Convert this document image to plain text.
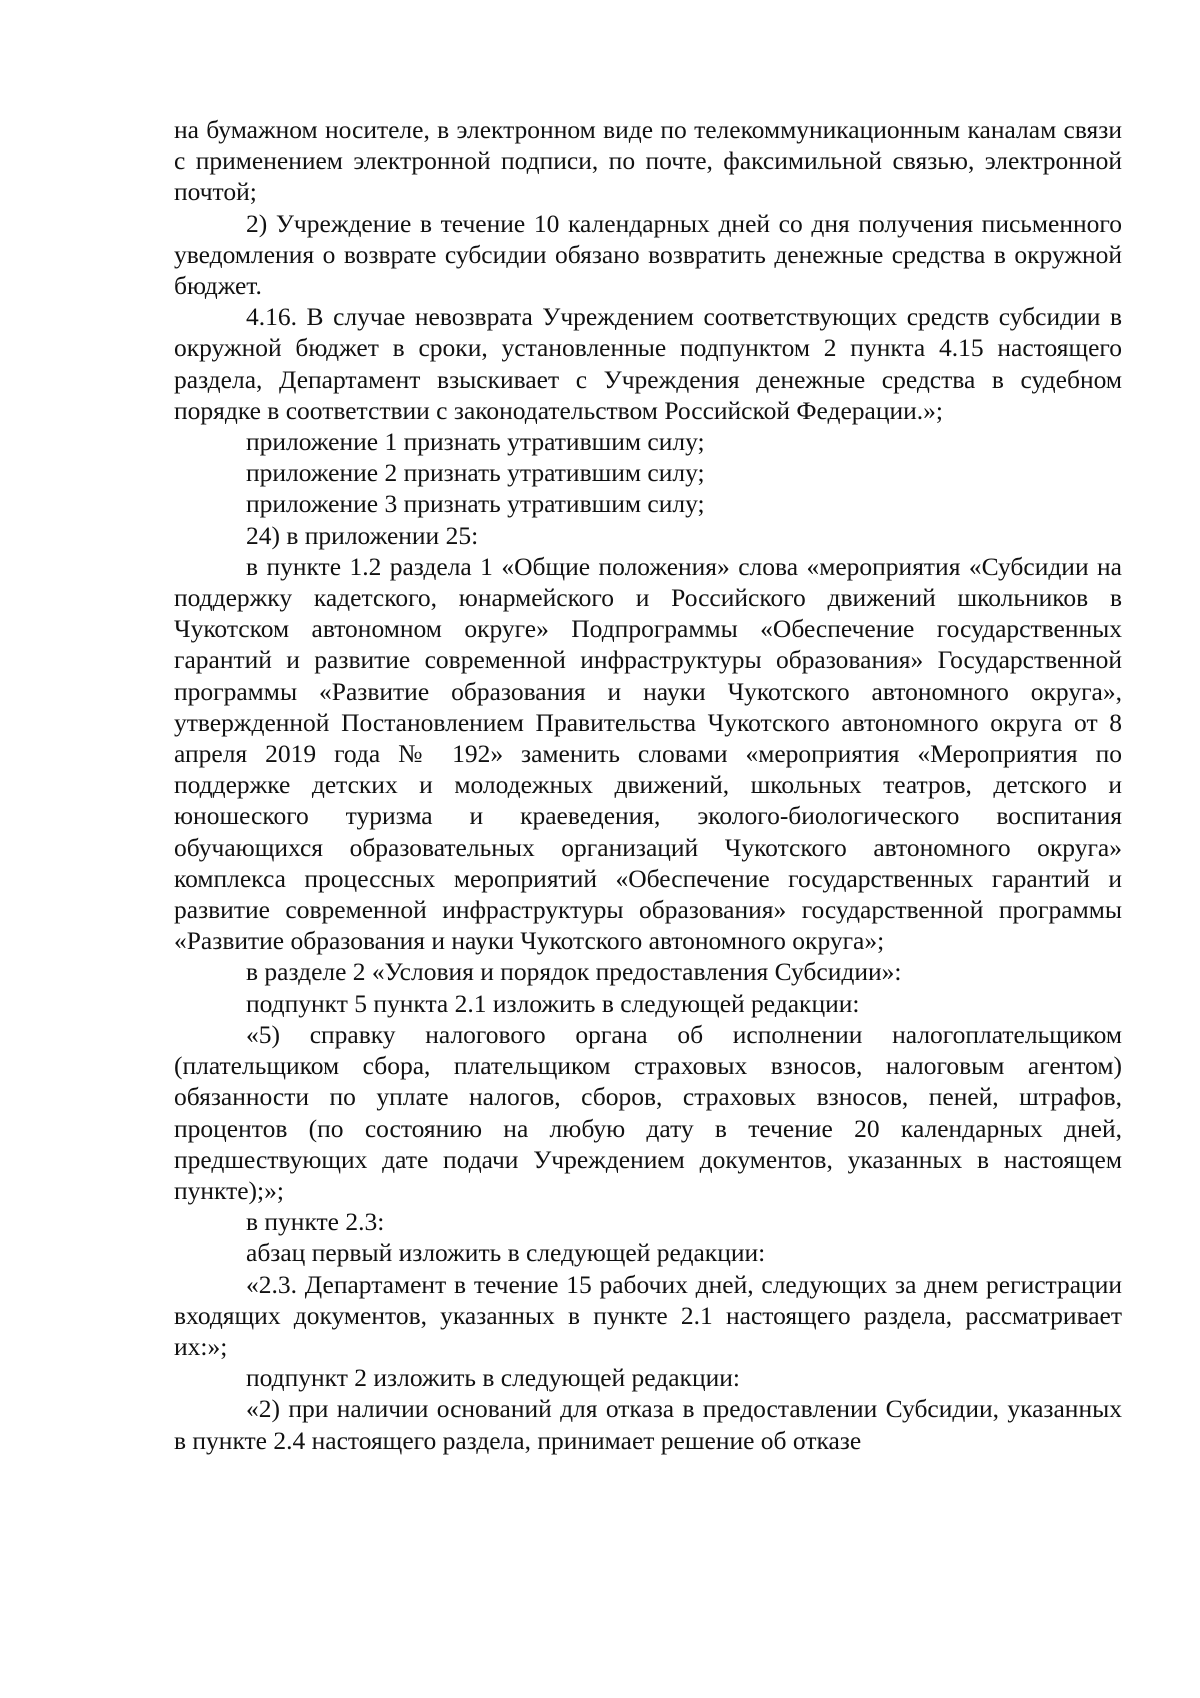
на бумажном носителе, в электронном виде по телекоммуникационным каналам связи с применением электронной подписи, по почте, факсимильной связью, электронной почтой;

2) Учреждение в течение 10 календарных дней со дня получения письменного уведомления о возврате субсидии обязано возвратить денежные средства в окружной бюджет.

4.16. В случае невозврата Учреждением соответствующих средств субсидии в окружной бюджет в сроки, установленные подпунктом 2 пункта 4.15 настоящего раздела, Департамент взыскивает с Учреждения денежные средства в судебном порядке в соответствии с законодательством Российской Федерации.»;

приложение 1 признать утратившим силу;

приложение 2 признать утратившим силу;

приложение 3 признать утратившим силу;

24) в приложении 25:

в пункте 1.2 раздела 1 «Общие положения» слова «мероприятия «Субсидии на поддержку кадетского, юнармейского и Российского движений школьников в Чукотском автономном округе» Подпрограммы «Обеспечение государственных гарантий и развитие современной инфраструктуры образования» Государственной программы «Развитие образования и науки Чукотского автономного округа», утвержденной Постановлением Правительства Чукотского автономного округа от 8 апреля 2019 года № 192» заменить словами «мероприятия «Мероприятия по поддержке детских и молодежных движений, школьных театров, детского и юношеского туризма и краеведения, эколого-биологического воспитания обучающихся образовательных организаций Чукотского автономного округа» комплекса процессных мероприятий «Обеспечение государственных гарантий и развитие современной инфраструктуры образования» государственной программы «Развитие образования и науки Чукотского автономного округа»;

в разделе 2 «Условия и порядок предоставления Субсидии»:

подпункт 5 пункта 2.1 изложить в следующей редакции:

«5) справку налогового органа об исполнении налогоплательщиком (плательщиком сбора, плательщиком страховых взносов, налоговым агентом) обязанности по уплате налогов, сборов, страховых взносов, пеней, штрафов, процентов (по состоянию на любую дату в течение 20 календарных дней, предшествующих дате подачи Учреждением документов, указанных в настоящем пункте);»;

в пункте 2.3:

абзац первый изложить в следующей редакции:

«2.3. Департамент в течение 15 рабочих дней, следующих за днем регистрации входящих документов, указанных в пункте 2.1 настоящего раздела, рассматривает их:»;

подпункт 2 изложить в следующей редакции:

«2) при наличии оснований для отказа в предоставлении Субсидии, указанных в пункте 2.4 настоящего раздела, принимает решение об отказе
